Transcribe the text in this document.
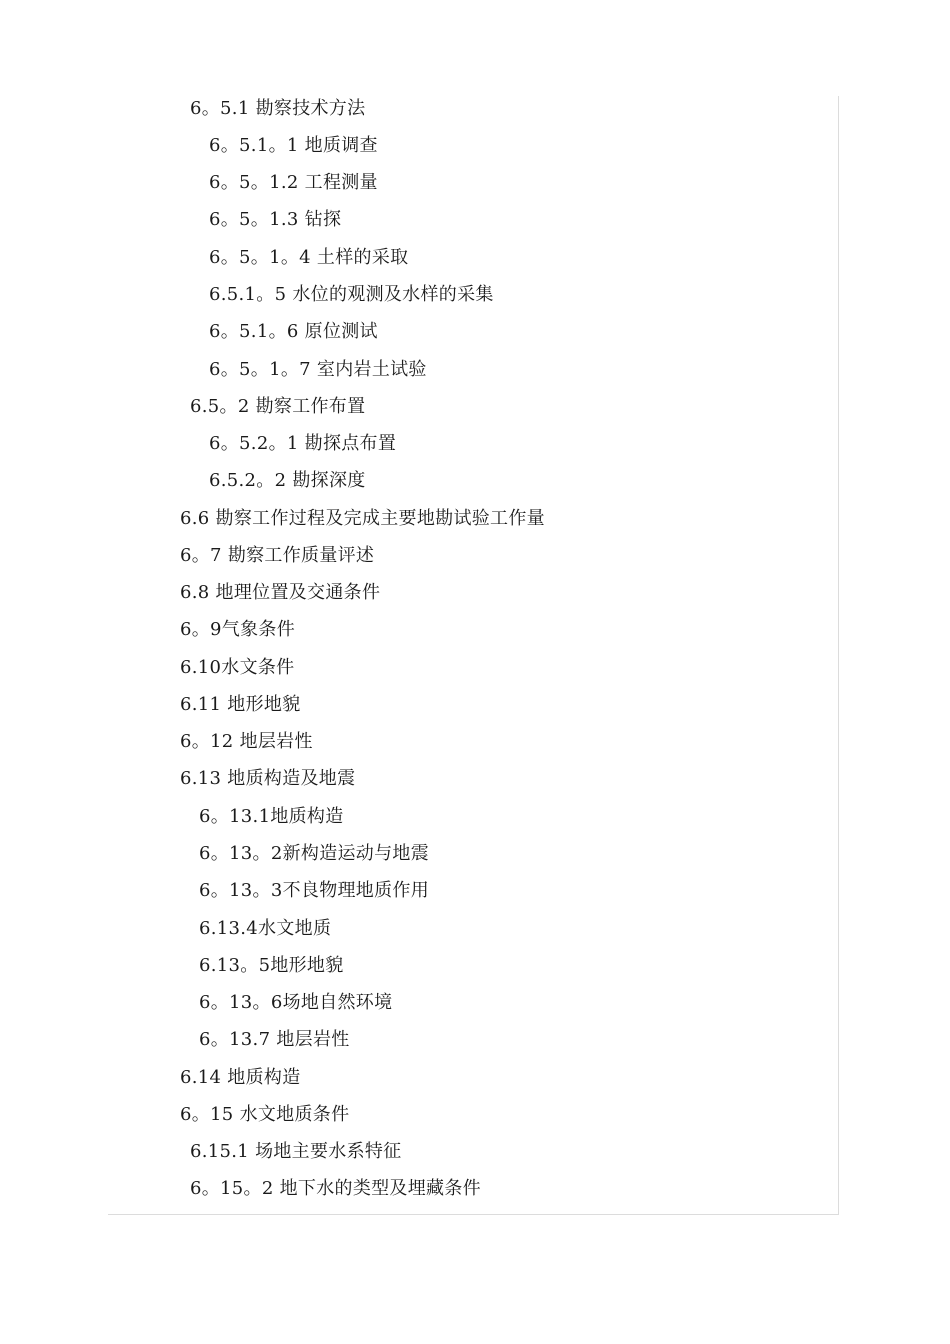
6。5.1 勘察技术方法
6。5.1。1 地质调查
6。5。1.2 工程测量
6。5。1.3 钻探
6。5。1。4 土样的采取
6.5.1。5 水位的观测及水样的采集
6。5.1。6 原位测试
6。5。1。7 室内岩土试验
6.5。2 勘察工作布置
6。5.2。1 勘探点布置
6.5.2。2 勘探深度
6.6 勘察工作过程及完成主要地勘试验工作量
6。7 勘察工作质量评述
6.8 地理位置及交通条件
6。9气象条件
6.10水文条件
6.11 地形地貌
6。12 地层岩性
6.13 地质构造及地震
6。13.1地质构造
6。13。2新构造运动与地震
6。13。3不良物理地质作用
6.13.4水文地质
6.13。5地形地貌
6。13。6场地自然环境
6。13.7 地层岩性
6.14 地质构造
6。15 水文地质条件
6.15.1 场地主要水系特征
6。15。2 地下水的类型及埋藏条件
